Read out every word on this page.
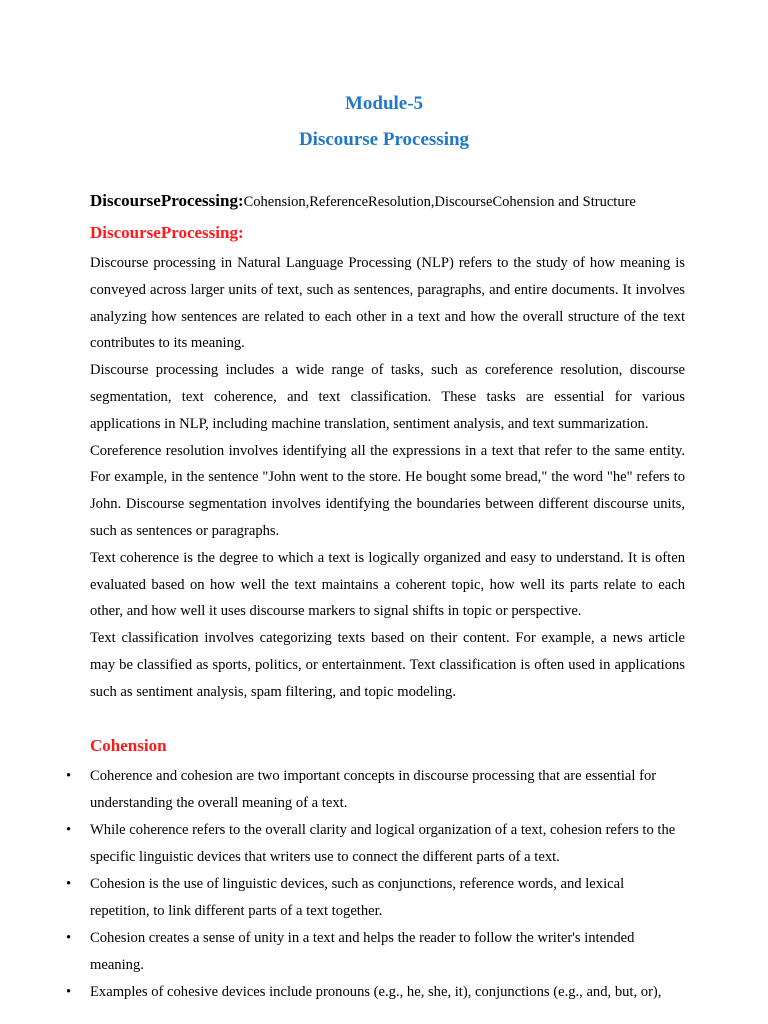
Module-5
Discourse Processing

DiscourseProcessing:Cohension,ReferenceResolution,DiscourseCohension and Structure

DiscourseProcessing:

Discourse processing in Natural Language Processing (NLP) refers to the study of how meaning is conveyed across larger units of text, such as sentences, paragraphs, and entire documents. It involves analyzing how sentences are related to each other in a text and how the overall structure of the text contributes to its meaning.

Discourse processing includes a wide range of tasks, such as coreference resolution, discourse segmentation, text coherence, and text classification. These tasks are essential for various applications in NLP, including machine translation, sentiment analysis, and text summarization.

Coreference resolution involves identifying all the expressions in a text that refer to the same entity. For example, in the sentence "John went to the store. He bought some bread," the word "he" refers to John. Discourse segmentation involves identifying the boundaries between different discourse units, such as sentences or paragraphs.

Text coherence is the degree to which a text is logically organized and easy to understand. It is often evaluated based on how well the text maintains a coherent topic, how well its parts relate to each other, and how well it uses discourse markers to signal shifts in topic or perspective.

Text classification involves categorizing texts based on their content. For example, a news article may be classified as sports, politics, or entertainment. Text classification is often used in applications such as sentiment analysis, spam filtering, and topic modeling.

Cohension
• Coherence and cohesion are two important concepts in discourse processing that are essential for understanding the overall meaning of a text.
• While coherence refers to the overall clarity and logical organization of a text, cohesion refers to the specific linguistic devices that writers use to connect the different parts of a text.
• Cohesion is the use of linguistic devices, such as conjunctions, reference words, and lexical repetition, to link different parts of a text together.
• Cohesion creates a sense of unity in a text and helps the reader to follow the writer's intended meaning.
• Examples of cohesive devices include pronouns (e.g., he, she, it), conjunctions (e.g., and, but, or),
